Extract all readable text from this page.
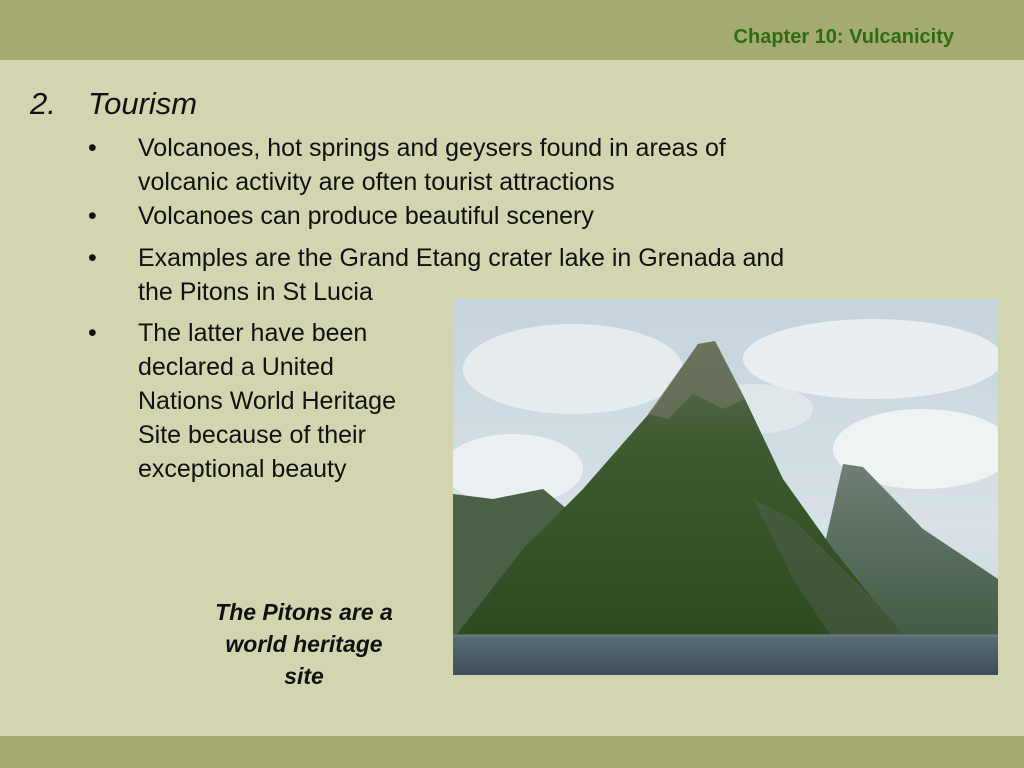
Chapter 10: Vulcanicity
2. Tourism
• Volcanoes, hot springs and geysers found in areas of
volcanic activity are often tourist attractions
• Volcanoes can produce beautiful scenery
• Examples are the Grand Etang crater lake in Grenada and
the Pitons in St Lucia
• The latter have been
declared a United
Nations World Heritage
Site because of their
exceptional beauty
The Pitons are a
world heritage
site
